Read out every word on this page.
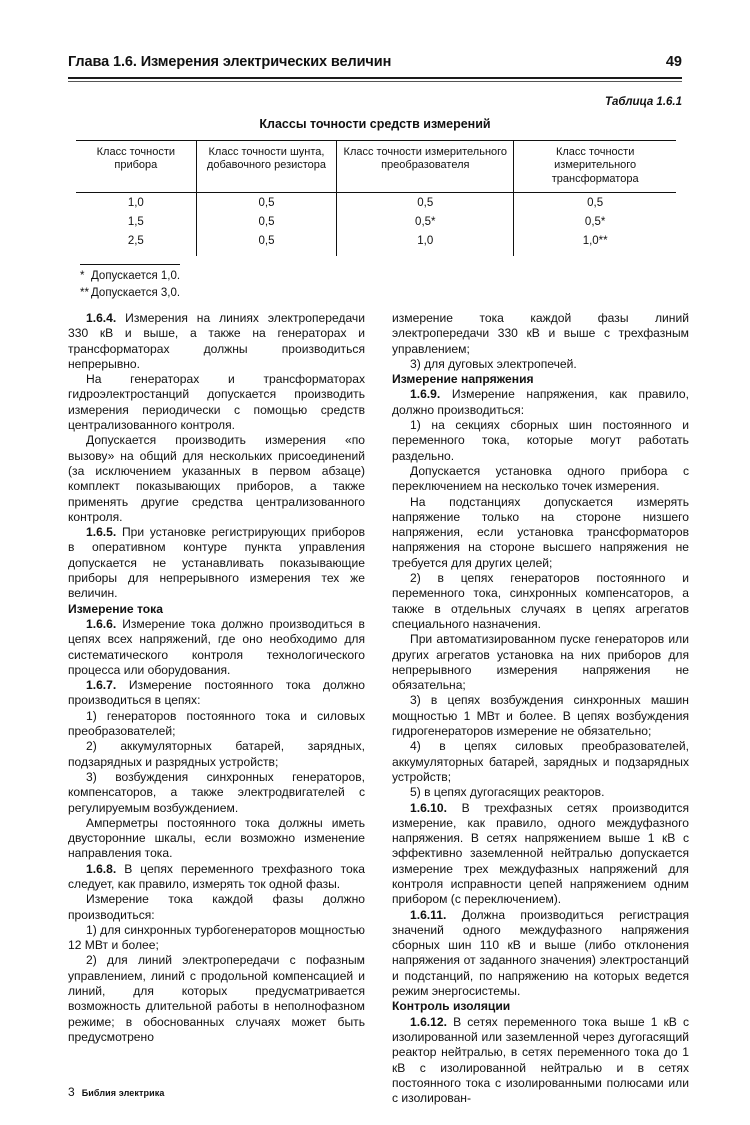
Глава 1.6. Измерения электрических величин	49
Таблица 1.6.1
Классы точности средств измерений
Класс точности прибора	Класс точности шунта, добавочного резистора	Класс точности измерительного преобразователя	Класс точности измерительного трансформатора
1,0	0,5	0,5	0,5
1,5	0,5	0,5*	0,5*
2,5	0,5	1,0	1,0**
* Допускается 1,0.
** Допускается 3,0.

1.6.4. Измерения на линиях электропередачи 330 кВ и выше, а также на генераторах и трансформаторах должны производиться непрерывно.

На генераторах и трансформаторах гидроэлектростанций допускается производить измерения периодически с помощью средств централизованного контроля.

Допускается производить измерения «по вызову» на общий для нескольких присоединений (за исключением указанных в первом абзаце) комплект показывающих приборов, а также применять другие средства централизованного контроля.

1.6.5. При установке регистрирующих приборов в оперативном контуре пункта управления допускается не устанавливать показывающие приборы для непрерывного измерения тех же величин.

Измерение тока

1.6.6. Измерение тока должно производиться в цепях всех напряжений, где оно необходимо для систематического контроля технологического процесса или оборудования.

1.6.7. Измерение постоянного тока должно производиться в цепях:

1) генераторов постоянного тока и силовых преобразователей;

2) аккумуляторных батарей, зарядных, подзарядных и разрядных устройств;

3) возбуждения синхронных генераторов, компенсаторов, а также электродвигателей с регулируемым возбуждением.

Амперметры постоянного тока должны иметь двусторонние шкалы, если возможно изменение направления тока.

1.6.8. В цепях переменного трехфазного тока следует, как правило, измерять ток одной фазы.

Измерение тока каждой фазы должно производиться:

1) для синхронных турбогенераторов мощностью 12 МВт и более;

2) для линий электропередачи с пофазным управлением, линий с продольной компенсацией и линий, для которых предусматривается возможность длительной работы в неполнофазном режиме; в обоснованных случаях может быть предусмотрено

измерение тока каждой фазы линий электропередачи 330 кВ и выше с трехфазным управлением;

3) для дуговых электропечей.

Измерение напряжения

1.6.9. Измерение напряжения, как правило, должно производиться:

1) на секциях сборных шин постоянного и переменного тока, которые могут работать раздельно.

Допускается установка одного прибора с переключением на несколько точек измерения.

На подстанциях допускается измерять напряжение только на стороне низшего напряжения, если установка трансформаторов напряжения на стороне высшего напряжения не требуется для других целей;

2) в цепях генераторов постоянного и переменного тока, синхронных компенсаторов, а также в отдельных случаях в цепях агрегатов специального назначения.

При автоматизированном пуске генераторов или других агрегатов установка на них приборов для непрерывного измерения напряжения не обязательна;

3) в цепях возбуждения синхронных машин мощностью 1 МВт и более. В цепях возбуждения гидрогенераторов измерение не обязательно;

4) в цепях силовых преобразователей, аккумуляторных батарей, зарядных и подзарядных устройств;

5) в цепях дугогасящих реакторов.

1.6.10. В трехфазных сетях производится измерение, как правило, одного междуфазного напряжения. В сетях напряжением выше 1 кВ с эффективно заземленной нейтралью допускается измерение трех междуфазных напряжений для контроля исправности цепей напряжением одним прибором (с переключением).

1.6.11. Должна производиться регистрация значений одного междуфазного напряжения сборных шин 110 кВ и выше (либо отклонения напряжения от заданного значения) электростанций и подстанций, по напряжению на которых ведется режим энергосистемы.

Контроль изоляции

1.6.12. В сетях переменного тока выше 1 кВ с изолированной или заземленной через дугогасящий реактор нейтралью, в сетях переменного тока до 1 кВ с изолированной нейтралью и в сетях постоянного тока с изолированными полюсами или с изолирован-

3 Библия электрика
